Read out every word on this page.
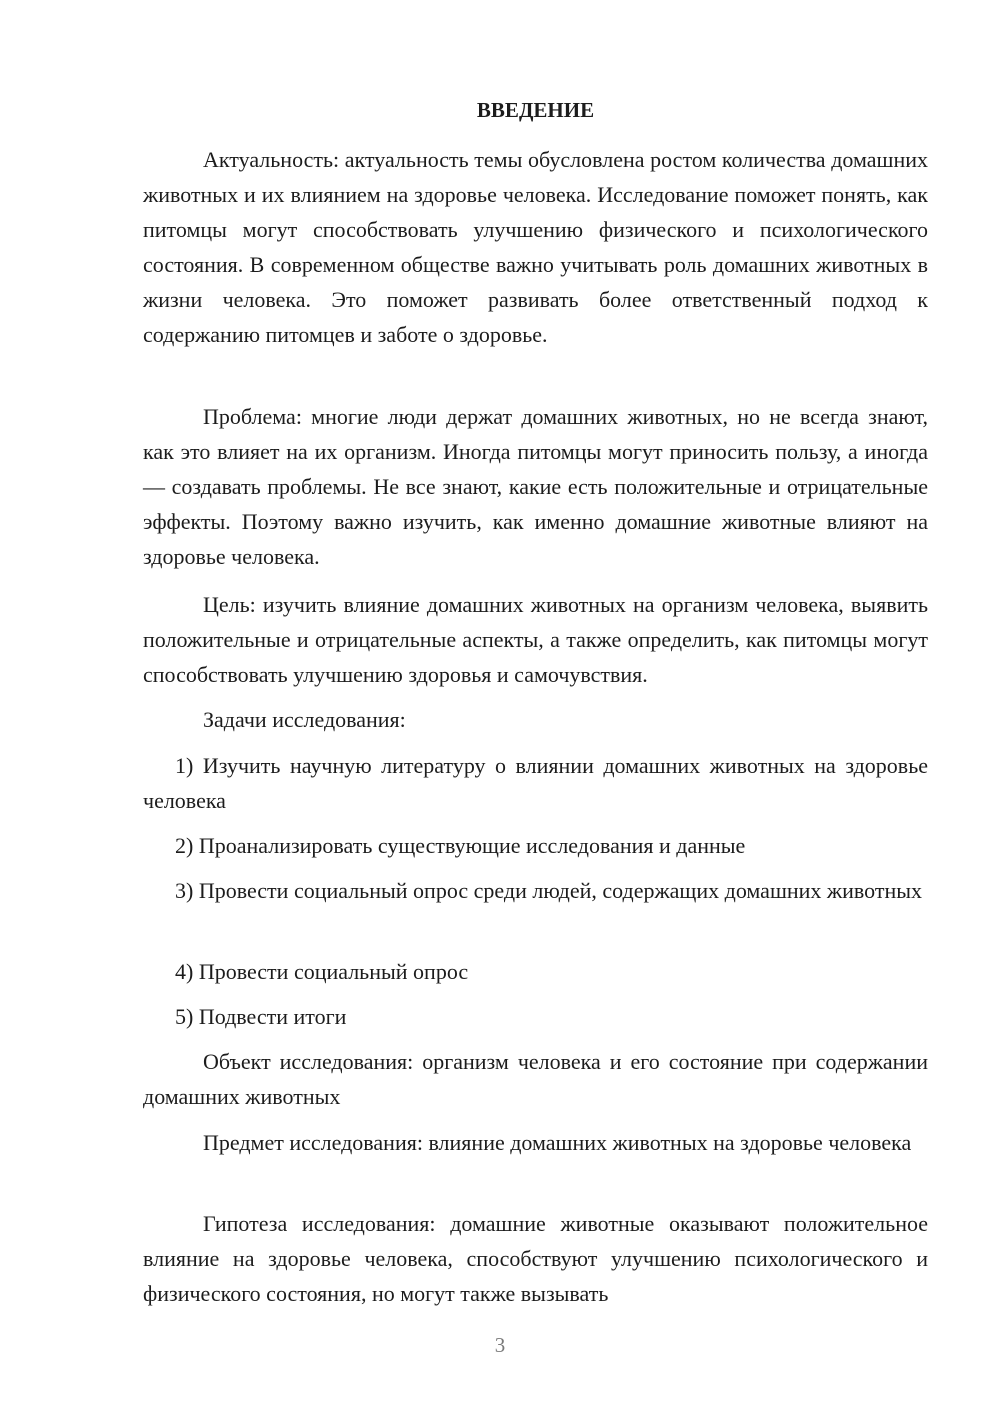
ВВЕДЕНИЕ

Актуальность: актуальность темы обусловлена ростом количества домашних животных и их влиянием на здоровье человека. Исследование поможет понять, как питомцы могут способствовать улучшению физического и психологического состояния. В современном обществе важно учитывать роль домашних животных в жизни человека. Это поможет развивать более ответственный подход к содержанию питомцев и заботе о здоровье.

Проблема: многие люди держат домашних животных, но не всегда знают, как это влияет на их организм. Иногда питомцы могут приносить пользу, а иногда — создавать проблемы. Не все знают, какие есть положительные и отрицательные эффекты. Поэтому важно изучить, как именно домашние животные влияют на здоровье человека.

Цель: изучить влияние домашних животных на организм человека, выявить положительные и отрицательные аспекты, а также определить, как питомцы могут способствовать улучшению здоровья и самочувствия.

Задачи исследования:

1) Изучить научную литературу о влиянии домашних животных на здоровье человека

2) Проанализировать существующие исследования и данные

3) Провести социальный опрос среди людей, содержащих домашних животных

4) Провести социальный опрос

5) Подвести итоги

Объект исследования: организм человека и его состояние при содержании домашних животных

Предмет исследования: влияние домашних животных на здоровье человека

Гипотеза исследования: домашние животные оказывают положительное влияние на здоровье человека, способствуют улучшению психологического и физического состояния, но могут также вызывать

3
